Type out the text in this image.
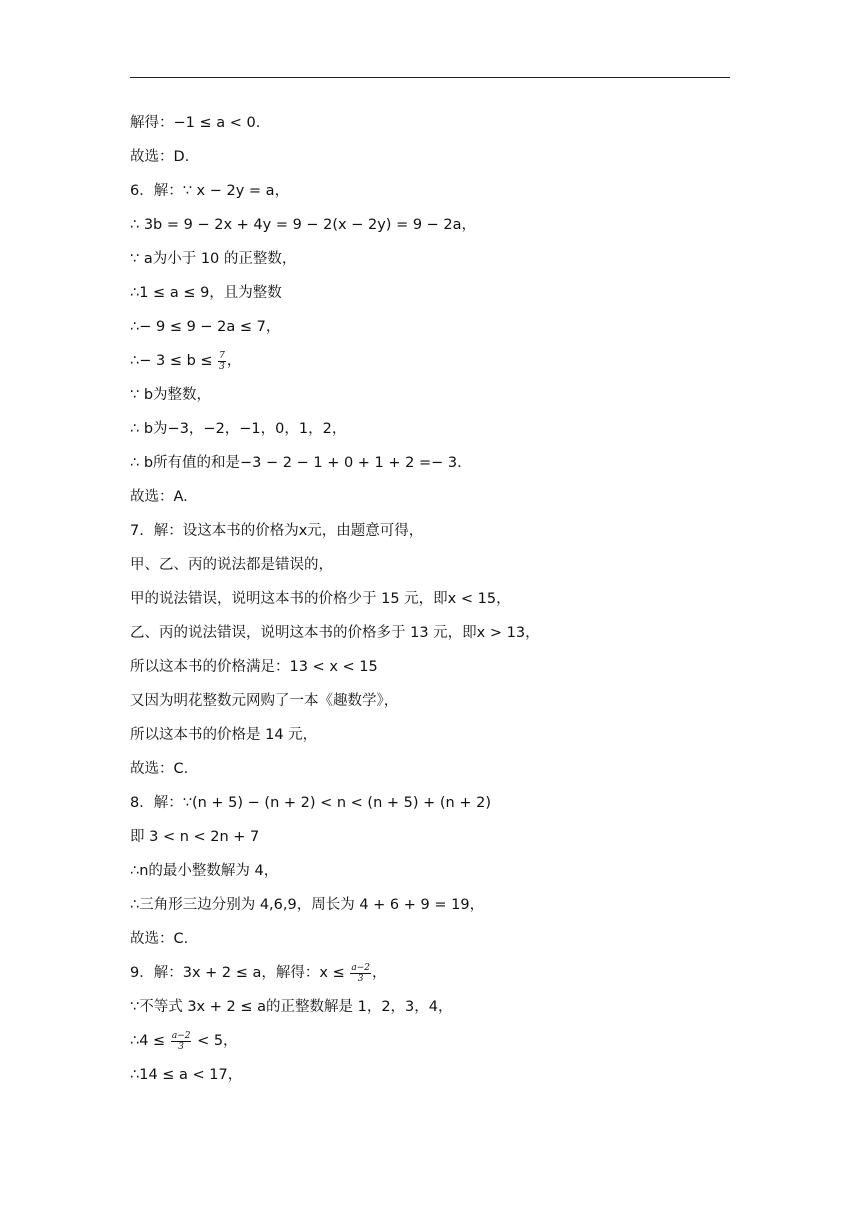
解得：−1 ≤ a < 0.
故选：D.
6．解：∵ x − 2y = a，
∴ 3b = 9 − 2x + 4y = 9 − 2(x − 2y) = 9 − 2a，
∵ a为小于 10 的正整数，
∴1 ≤ a ≤ 9，且为整数
∴− 9 ≤ 9 − 2a ≤ 7，
∴− $3 \le b \le \frac{7}{3}$ ，
∵ b为整数，
∴ b为−3，−2，−1，0，1，2，
∴ b所有值的和是−3 − 2 − 1 + 0 + 1 + 2 =− 3.
故选：A.
7．解：设这本书的价格为x元，由题意可得，
甲、乙、丙的说法都是错误的，
甲的说法错误，说明这本书的价格少于 15 元，即x < 15，
乙、丙的说法错误，说明这本书的价格多于 13 元，即x > 13，
所以这本书的价格满足：13 < x < 15
又因为明花整数元网购了一本《趣数学》，
所以这本书的价格是 14 元，
故选：C.
8．解：∵(n + 5) − (n + 2) < n < (n + 5) + (n + 2)
即 3 < n < 2n + 7
∴n的最小整数解为 4，
∴三角形三边分别为 4,6,9，周长为 4 + 6 + 9 = 19，
故选：C.
9．解：3x + 2 ≤ a，解得：$x \le \frac{a-2}{3}$ ，
∵不等式 3x + 2 ≤ a的正整数解是 1，2，3，4，
∴4 ≤ $\frac{a-2}{3} < 5$，
∴14 ≤ a < 17，
